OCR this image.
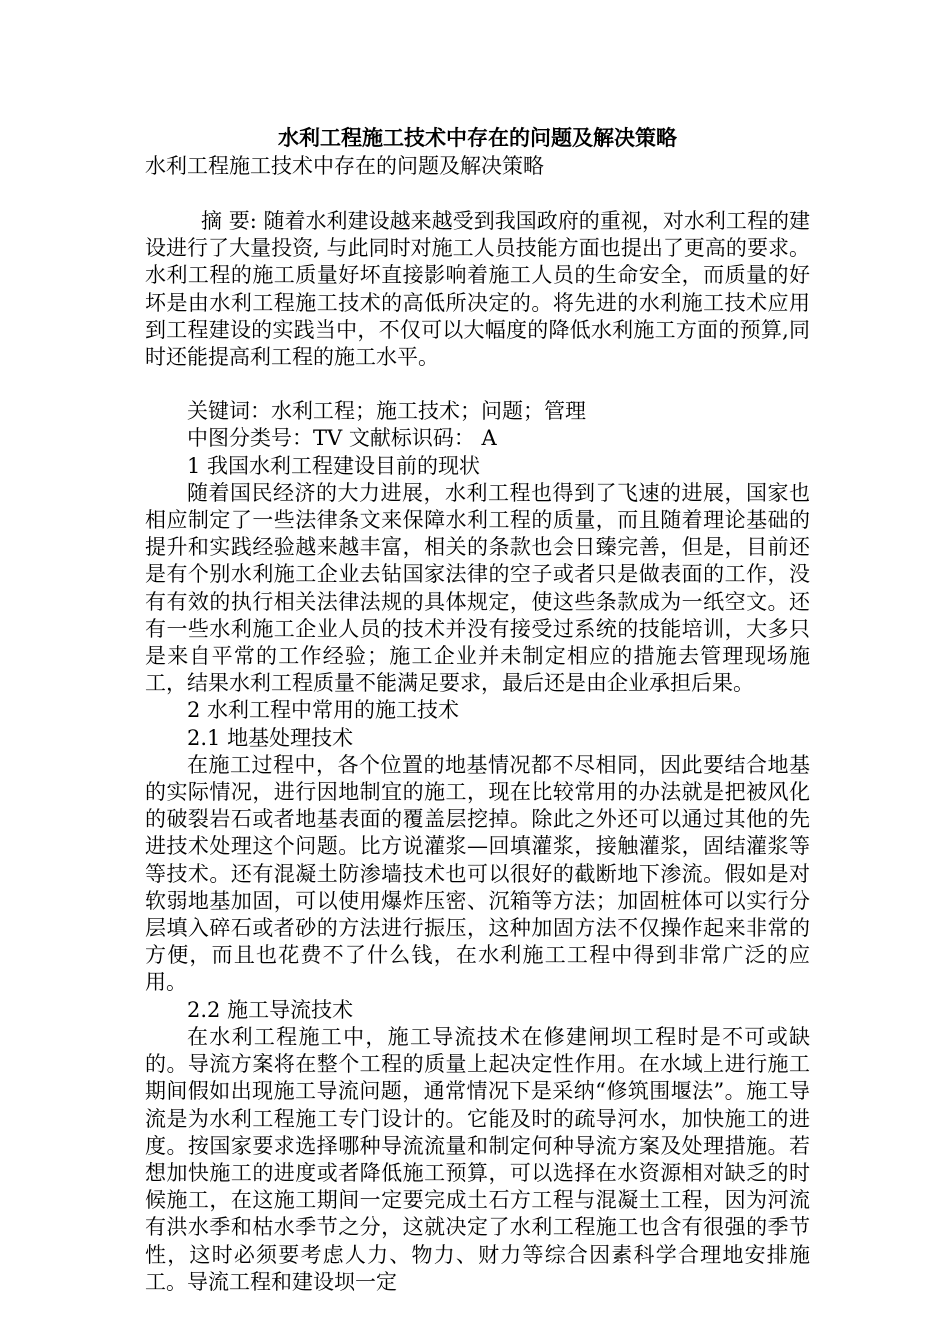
水利工程施工技术中存在的问题及解决策略

水利工程施工技术中存在的问题及解决策略

摘 要: 随着水利建设越来越受到我国政府的重视，对水利工程的建设进行了大量投资, 与此同时对施工人员技能方面也提出了更高的要求。水利工程的施工质量好坏直接影响着施工人员的生命安全，而质量的好坏是由水利工程施工技术的高低所决定的。将先进的水利施工技术应用到工程建设的实践当中，不仅可以大幅度的降低水利施工方面的预算,同时还能提高利工程的施工水平。

关键词：水利工程；施工技术；问题；管理

中图分类号：TV 文献标识码： A

1 我国水利工程建设目前的现状

随着国民经济的大力进展，水利工程也得到了飞速的进展，国家也相应制定了一些法律条文来保障水利工程的质量，而且随着理论基础的提升和实践经验越来越丰富，相关的条款也会日臻完善，但是，目前还是有个别水利施工企业去钻国家法律的空子或者只是做表面的工作，没有有效的执行相关法律法规的具体规定，使这些条款成为一纸空文。还有一些水利施工企业人员的技术并没有接受过系统的技能培训，大多只是来自平常的工作经验；施工企业并未制定相应的措施去管理现场施工，结果水利工程质量不能满足要求，最后还是由企业承担后果。

2 水利工程中常用的施工技术

2.1 地基处理技术

在施工过程中，各个位置的地基情况都不尽相同，因此要结合地基的实际情况，进行因地制宜的施工，现在比较常用的办法就是把被风化的破裂岩石或者地基表面的覆盖层挖掉。除此之外还可以通过其他的先进技术处理这个问题。比方说灌浆—回填灌浆，接触灌浆，固结灌浆等等技术。还有混凝土防渗墙技术也可以很好的截断地下渗流。假如是对软弱地基加固，可以使用爆炸压密、沉箱等方法；加固桩体可以实行分层填入碎石或者砂的方法进行振压，这种加固方法不仅操作起来非常的方便，而且也花费不了什么钱，在水利施工工程中得到非常广泛的应用。

2.2 施工导流技术

在水利工程施工中，施工导流技术在修建闸坝工程时是不可或缺的。导流方案将在整个工程的质量上起决定性作用。在水域上进行施工期间假如出现施工导流问题，通常情况下是采纳“修筑围堰法”。施工导流是为水利工程施工专门设计的。它能及时的疏导河水，加快施工的进度。按国家要求选择哪种导流流量和制定何种导流方案及处理措施。若想加快施工的进度或者降低施工预算，可以选择在水资源相对缺乏的时候施工，在这施工期间一定要完成土石方工程与混凝土工程，因为河流有洪水季和枯水季节之分，这就决定了水利工程施工也含有很强的季节性，这时必须要考虑人力、物力、财力等综合因素科学合理地安排施工。导流工程和建设坝一定
